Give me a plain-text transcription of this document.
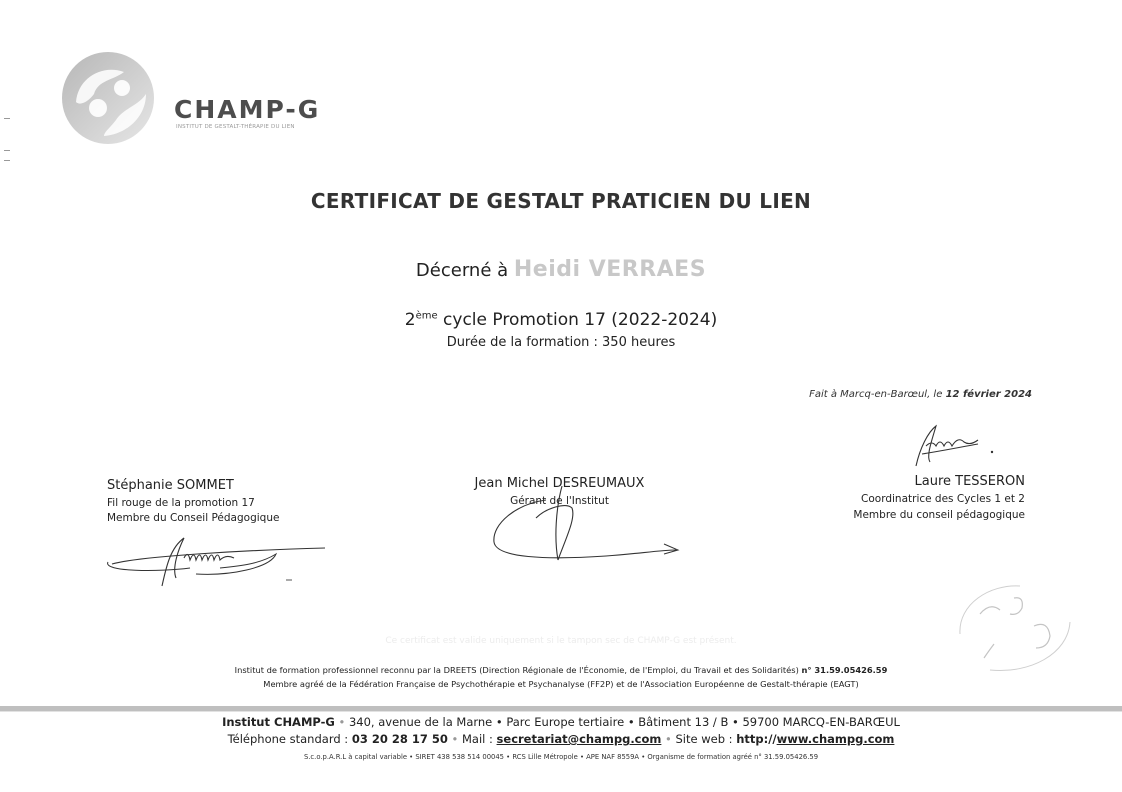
CHAMP-G
INSTITUT DE GESTALT-THÉRAPIE DU LIEN
CERTIFICAT DE GESTALT PRATICIEN DU LIEN
Décerné à Heidi VERRAES
2ème cycle Promotion 17 (2022-2024)
Durée de la formation : 350 heures
Fait à Marcq-en-Barœul, le 12 février 2024
Stéphanie SOMMET
Fil rouge de la promotion 17
Membre du Conseil Pédagogique
Jean Michel DESREUMAUX
Gérant de l'Institut
Laure TESSERON
Coordinatrice des Cycles 1 et 2
Membre du conseil pédagogique
Ce certificat est valide uniquement si le tampon sec de CHAMP-G est présent.
Institut de formation professionnel reconnu par la DREETS (Direction Régionale de l'Économie, de l'Emploi, du Travail et des Solidarités) n° 31.59.05426.59
Membre agréé de la Fédération Française de Psychothérapie et Psychanalyse (FF2P) et de l'Association Européenne de Gestalt-thérapie (EAGT)
Institut CHAMP-G • 340, avenue de la Marne • Parc Europe tertiaire • Bâtiment 13 / B • 59700 MARCQ-EN-BARŒUL
Téléphone standard : 03 20 28 17 50 • Mail : secretariat@champg.com • Site web : http://www.champg.com
S.c.o.p.A.R.L à capital variable • SIRET 438 538 514 00045 • RCS Lille Métropole • APE NAF 8559A • Organisme de formation agréé n° 31.59.05426.59
